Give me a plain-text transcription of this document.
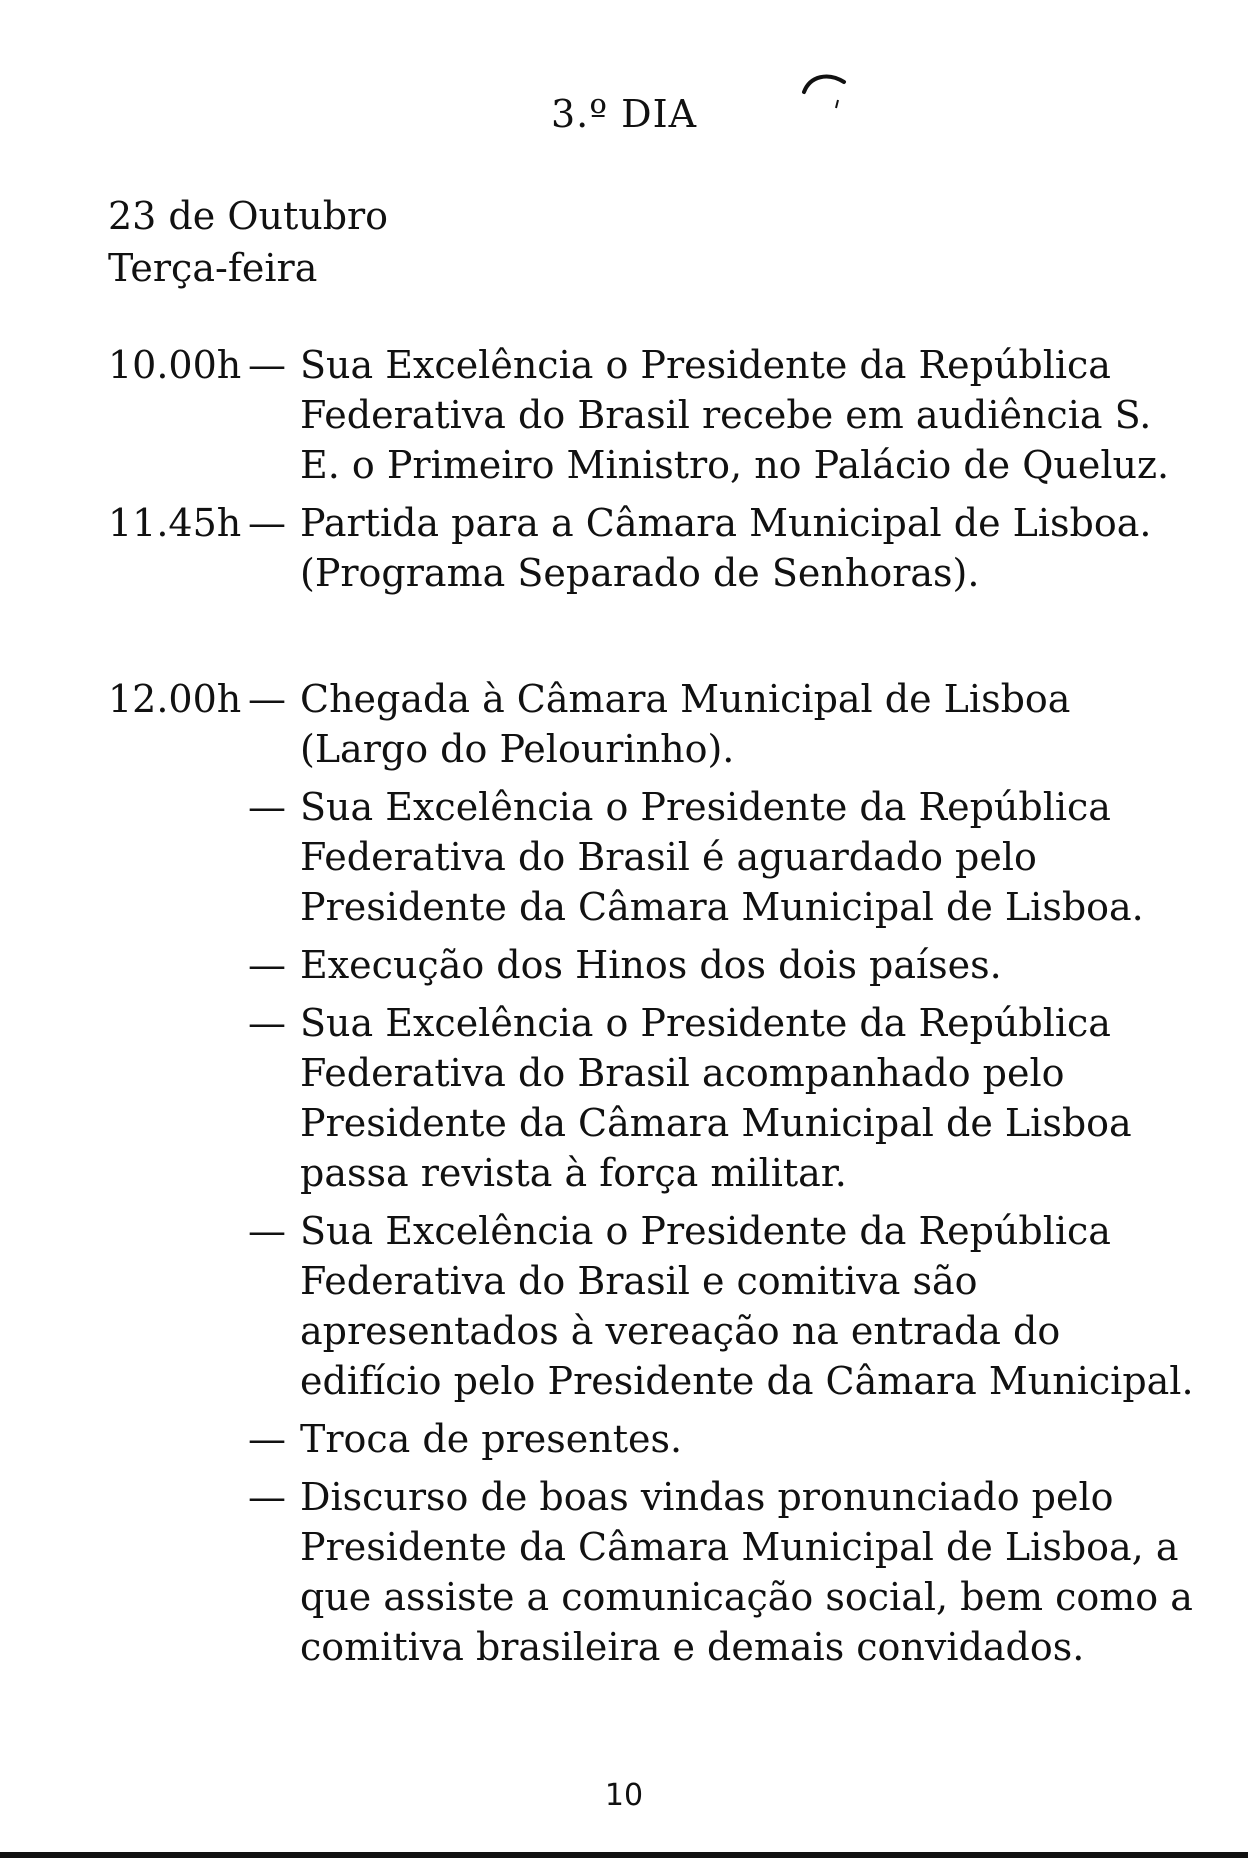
3.º DIA
23 de Outubro
Terça-feira
10.00h — Sua Excelência o Presidente da República Federativa do Brasil recebe em audiência S. E. o Primeiro Ministro, no Palácio de Queluz.
11.45h — Partida para a Câmara Municipal de Lisboa. (Programa Separado de Senhoras).
12.00h — Chegada à Câmara Municipal de Lisboa (Largo do Pelourinho).
— Sua Excelência o Presidente da República Federativa do Brasil é aguardado pelo Presidente da Câmara Municipal de Lisboa.
— Execução dos Hinos dos dois países.
— Sua Excelência o Presidente da República Federativa do Brasil acompanhado pelo Presidente da Câmara Municipal de Lisboa passa revista à força militar.
— Sua Excelência o Presidente da República Federativa do Brasil e comitiva são apresentados à vereação na entrada do edifício pelo Presidente da Câmara Municipal.
— Troca de presentes.
— Discurso de boas vindas pronunciado pelo Presidente da Câmara Municipal de Lisboa, a que assiste a comunicação social, bem como a comitiva brasileira e demais convidados.
10
